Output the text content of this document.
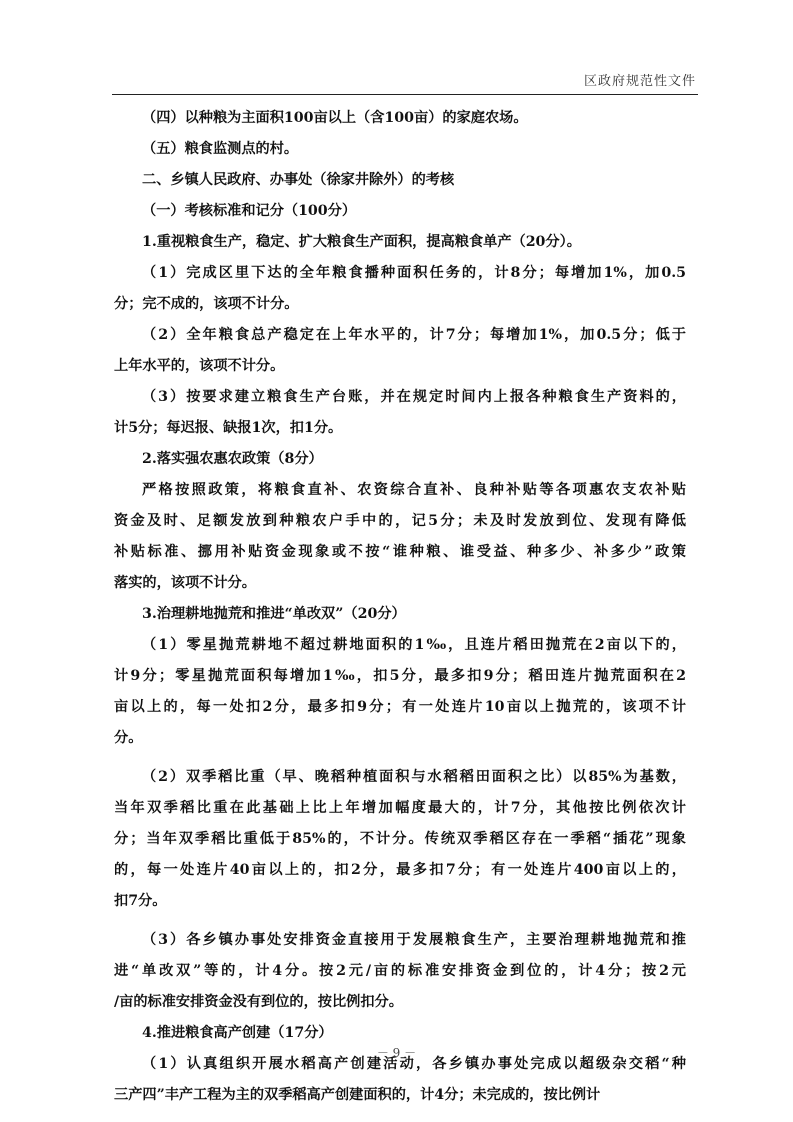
区政府规范性文件
（四）以种粮为主面积100亩以上（含100亩）的家庭农场。
（五）粮食监测点的村。
二、乡镇人民政府、办事处（徐家井除外）的考核
（一）考核标准和记分（100分）
1.重视粮食生产，稳定、扩大粮食生产面积，提高粮食单产（20分）。
（1）完成区里下达的全年粮食播种面积任务的，计8分；每增加1%，加0.5
分；完不成的，该项不计分。
（2）全年粮食总产稳定在上年水平的，计7分；每增加1%，加0.5分；低于
上年水平的，该项不计分。
（3）按要求建立粮食生产台账，并在规定时间内上报各种粮食生产资料的，
计5分；每迟报、缺报1次，扣1分。
2.落实强农惠农政策（8分）
严格按照政策，将粮食直补、农资综合直补、良种补贴等各项惠农支农补贴
资金及时、足额发放到种粮农户手中的，记5分；未及时发放到位、发现有降低
补贴标准、挪用补贴资金现象或不按“谁种粮、谁受益、种多少、补多少”政策
落实的，该项不计分。
3.治理耕地抛荒和推进“单改双”（20分）
（1）零星抛荒耕地不超过耕地面积的1‰，且连片稻田抛荒在2亩以下的，
计9分；零星抛荒面积每增加1‰，扣5分，最多扣9分；稻田连片抛荒面积在2
亩以上的，每一处扣2分，最多扣9分；有一处连片10亩以上抛荒的，该项不计
分。
（2）双季稻比重（早、晚稻种植面积与水稻稻田面积之比）以85%为基数，
当年双季稻比重在此基础上比上年增加幅度最大的，计7分，其他按比例依次计
分；当年双季稻比重低于85%的，不计分。传统双季稻区存在一季稻“插花”现象
的，每一处连片40亩以上的，扣2分，最多扣7分；有一处连片400亩以上的，
扣7分。
（3）各乡镇办事处安排资金直接用于发展粮食生产，主要治理耕地抛荒和推
进“单改双”等的，计4分。按2元/亩的标准安排资金到位的，计4分；按2元
/亩的标准安排资金没有到位的，按比例扣分。
4.推进粮食高产创建（17分）
（1）认真组织开展水稻高产创建活动，各乡镇办事处完成以超级杂交稻“种
三产四”丰产工程为主的双季稻高产创建面积的，计4分；未完成的，按比例计
－ 9 －
